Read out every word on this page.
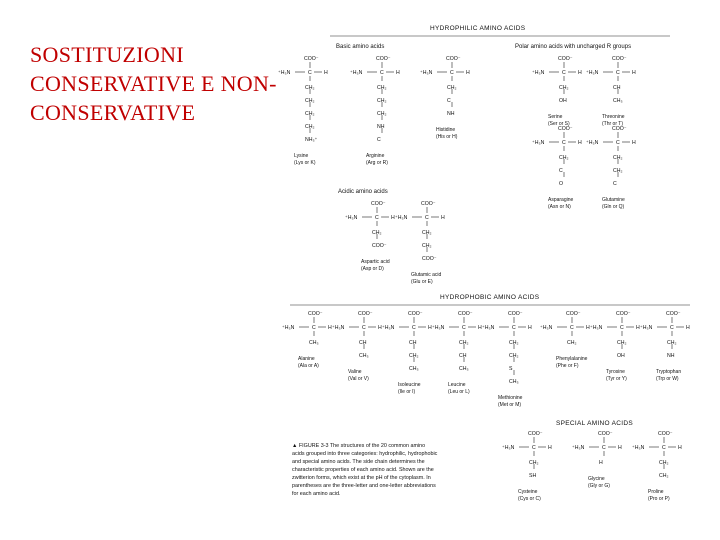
SOSTITUZIONI CONSERVATIVE E NON-CONSERVATIVE
HYDROPHILIC AMINO ACIDS
Basic amino acids	Polar amino acids with uncharged R groups
Acidic amino acids
HYDROPHOBIC AMINO ACIDS
SPECIAL AMINO ACIDS
COO⁻
⁺H₃N	C H
CH₂
CH₂
CH₂
CH₂
NH₃⁺
Lysine
(Lys or K)
COO⁻
⁺H₃N	C H
CH₂
CH₂
CH₂
NH
C
Arginine
(Arg or R)
COO⁻
⁺H₃N	C H
CH₂
C
NH
Histidine
(His or H)
COO⁻
⁺H₃N	C H
CH₂
OH
Serine
(Ser or S)
COO⁻
⁺H₃N	C H
CH
CH₃
Threonine
(Thr or T)
COO⁻
⁺H₃N	C H
CH₂
C
O
Asparagine
(Asn or N)
COO⁻
⁺H₃N	C H
CH₂
CH₂
C
Glutamine
(Gln or Q)
COO⁻
⁺H₃N	C H
CH₂
COO⁻
Aspartic acid
(Asp or D)
COO⁻
⁺H₃N	C H
CH₂
CH₂
COO⁻
Glutamic acid
(Glu or E)
COO⁻
⁺H₃N	C H
CH₃
Alanine
(Ala or A)
COO⁻
⁺H₃N	C H
CH
CH₃
Valine
(Val or V)
COO⁻
⁺H₃N	C H
CH
CH₂
CH₃
Isoleucine
(Ile or I)
COO⁻
⁺H₃N	C H
CH₂
CH
CH₃
Leucine
(Leu or L)
COO⁻
⁺H₃N	C H
CH₂
CH₂
S
CH₃
Methionine
(Met or M)
COO⁻
⁺H₃N	C H
CH₂
Phenylalanine
(Phe or F)
COO⁻
⁺H₃N	C H
CH₂
OH
Tyrosine
(Tyr or Y)
COO⁻
⁺H₃N	C H
CH₂
NH
Tryptophan
(Trp or W)
COO⁻
⁺H₃N	C H
CH₂
SH
Cysteine
(Cys or C)
COO⁻
⁺H₃N	C H
H
Glycine
(Gly or G)
COO⁻
⁺H₃N	C H
CH₂
CH₂
Proline
(Pro or P)
▲ FIGURE 3-3 The structures of the 20 common amino
acids grouped into three categories: hydrophilic, hydrophobic
and special amino acids. The side chain determines the
characteristic properties of each amino acid. Shown are the
zwitterion forms, which exist at the pH of the cytoplasm. In
parentheses are the three-letter and one-letter abbreviations
for each amino acid.
